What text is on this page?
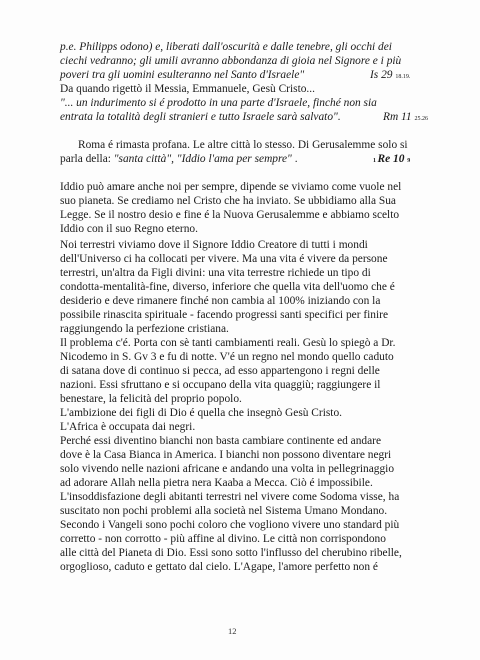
p.e. Philipps odono) e, liberati dall'oscurità e dalle tenebre, gli occhi dei
ciechi vedranno; gli umili avranno abbondanza di gioia nel Signore e i più
poveri tra gli uomini esulteranno nel Santo d'Israele"	Is 29 18.19.
Da quando rigettò il Messia, Emmanuele, Gesù Cristo...
"... un indurimento si é prodotto in una parte d'Israele, finché non sia
entrata la totalità degli stranieri e tutto Israele sarà salvato".	Rm 11 25.26
Roma é rimasta profana. Le altre città lo stesso. Di Gerusalemme solo si
parla della: "santa città", "Iddio l'ama per sempre" .	1 Re 10 9
Iddio può amare anche noi per sempre, dipende se viviamo come vuole nel
suo pianeta. Se crediamo nel Cristo che ha inviato. Se ubbidiamo alla Sua
Legge. Se il nostro desio e fine é la Nuova Gerusalemme e abbiamo scelto
Iddio con il suo Regno eterno.
Noi terrestri viviamo dove il Signore Iddio Creatore di tutti i mondi
dell'Universo ci ha collocati per vivere. Ma una vita é vivere da persone
terrestri, un'altra da Figli divini: una vita terrestre richiede un tipo di
condotta-mentalità-fine, diverso, inferiore che quella vita dell'uomo che é
desiderio e deve rimanere finché non cambia al 100% iniziando con la
possibile rinascita spirituale - facendo progressi santi specifici per finire
raggiungendo la perfezione cristiana.
Il problema c'é. Porta con sè tanti cambiamenti reali. Gesù lo spiegò a Dr.
Nicodemo in S. Gv 3 e fu di notte. V'é un regno nel mondo quello caduto
di satana dove di continuo si pecca, ad esso appartengono i regni delle
nazioni. Essi sfruttano e si occupano della vita quaggiù; raggiungere il
benestare, la felicità del proprio popolo.
L'ambizione dei figli di Dio é quella che insegnò Gesù Cristo.
L'Africa è occupata dai negri.
Perché essi diventino bianchi non basta cambiare continente ed andare
dove è la Casa Bianca in America. I bianchi non possono diventare negri
solo vivendo nelle nazioni africane e andando una volta in pellegrinaggio
ad adorare Allah nella pietra nera Kaaba a Mecca. Ciò é impossibile.
L'insoddisfazione degli abitanti terrestri nel vivere come Sodoma visse, ha
suscitato non pochi problemi alla società nel Sistema Umano Mondano.
Secondo i Vangeli sono pochi coloro che vogliono vivere uno standard più
corretto - non corrotto - più affine al divino. Le città non corrispondono
alle città del Pianeta di Dio. Essi sono sotto l'influsso del cherubino ribelle,
orgoglioso, caduto e gettato dal cielo. L'Agape, l'amore perfetto non é
12
